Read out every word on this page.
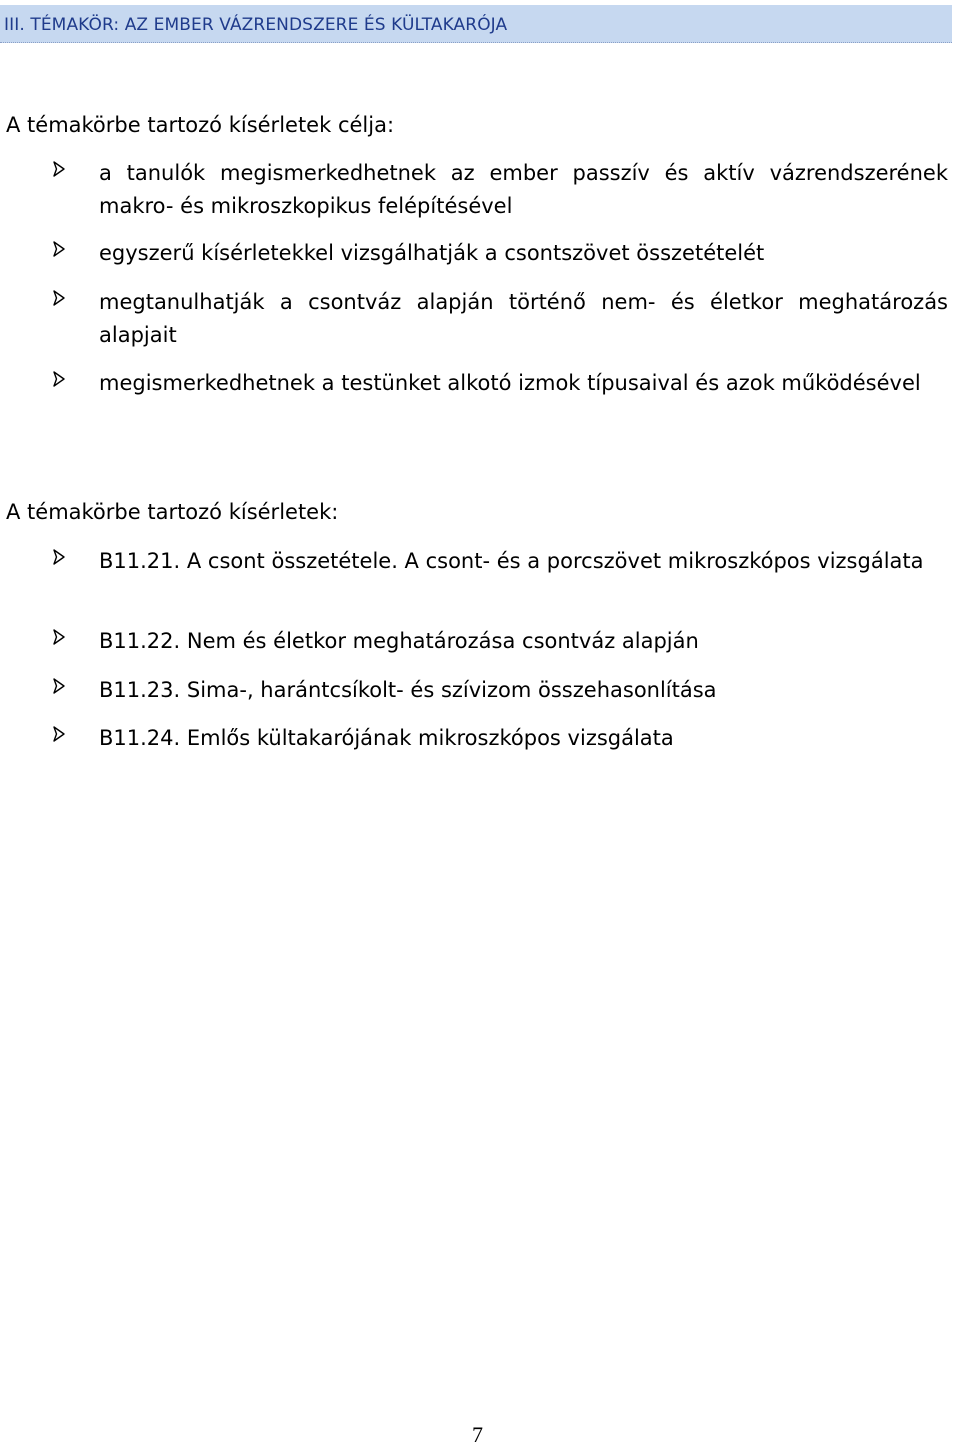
III. TÉMAKÖR: AZ EMBER VÁZRENDSZERE ÉS KÜLTAKARÓJA
A témakörbe tartozó kísérletek célja:
a tanulók megismerkedhetnek az ember passzív és aktív vázrendszerének makro- és mikroszkopikus felépítésével
egyszerű kísérletekkel vizsgálhatják a csontszövet összetételét
megtanulhatják a csontváz alapján történő nem- és életkor meghatározás alapjait
megismerkedhetnek a testünket alkotó izmok típusaival és azok működésével
A témakörbe tartozó kísérletek:
B11.21. A csont összetétele. A csont- és a porcszövet mikroszkópos vizsgálata
B11.22. Nem és életkor meghatározása csontváz alapján
B11.23. Sima-, harántcsíkolt- és szívizom összehasonlítása
B11.24. Emlős kültakarójának mikroszkópos vizsgálata
7
